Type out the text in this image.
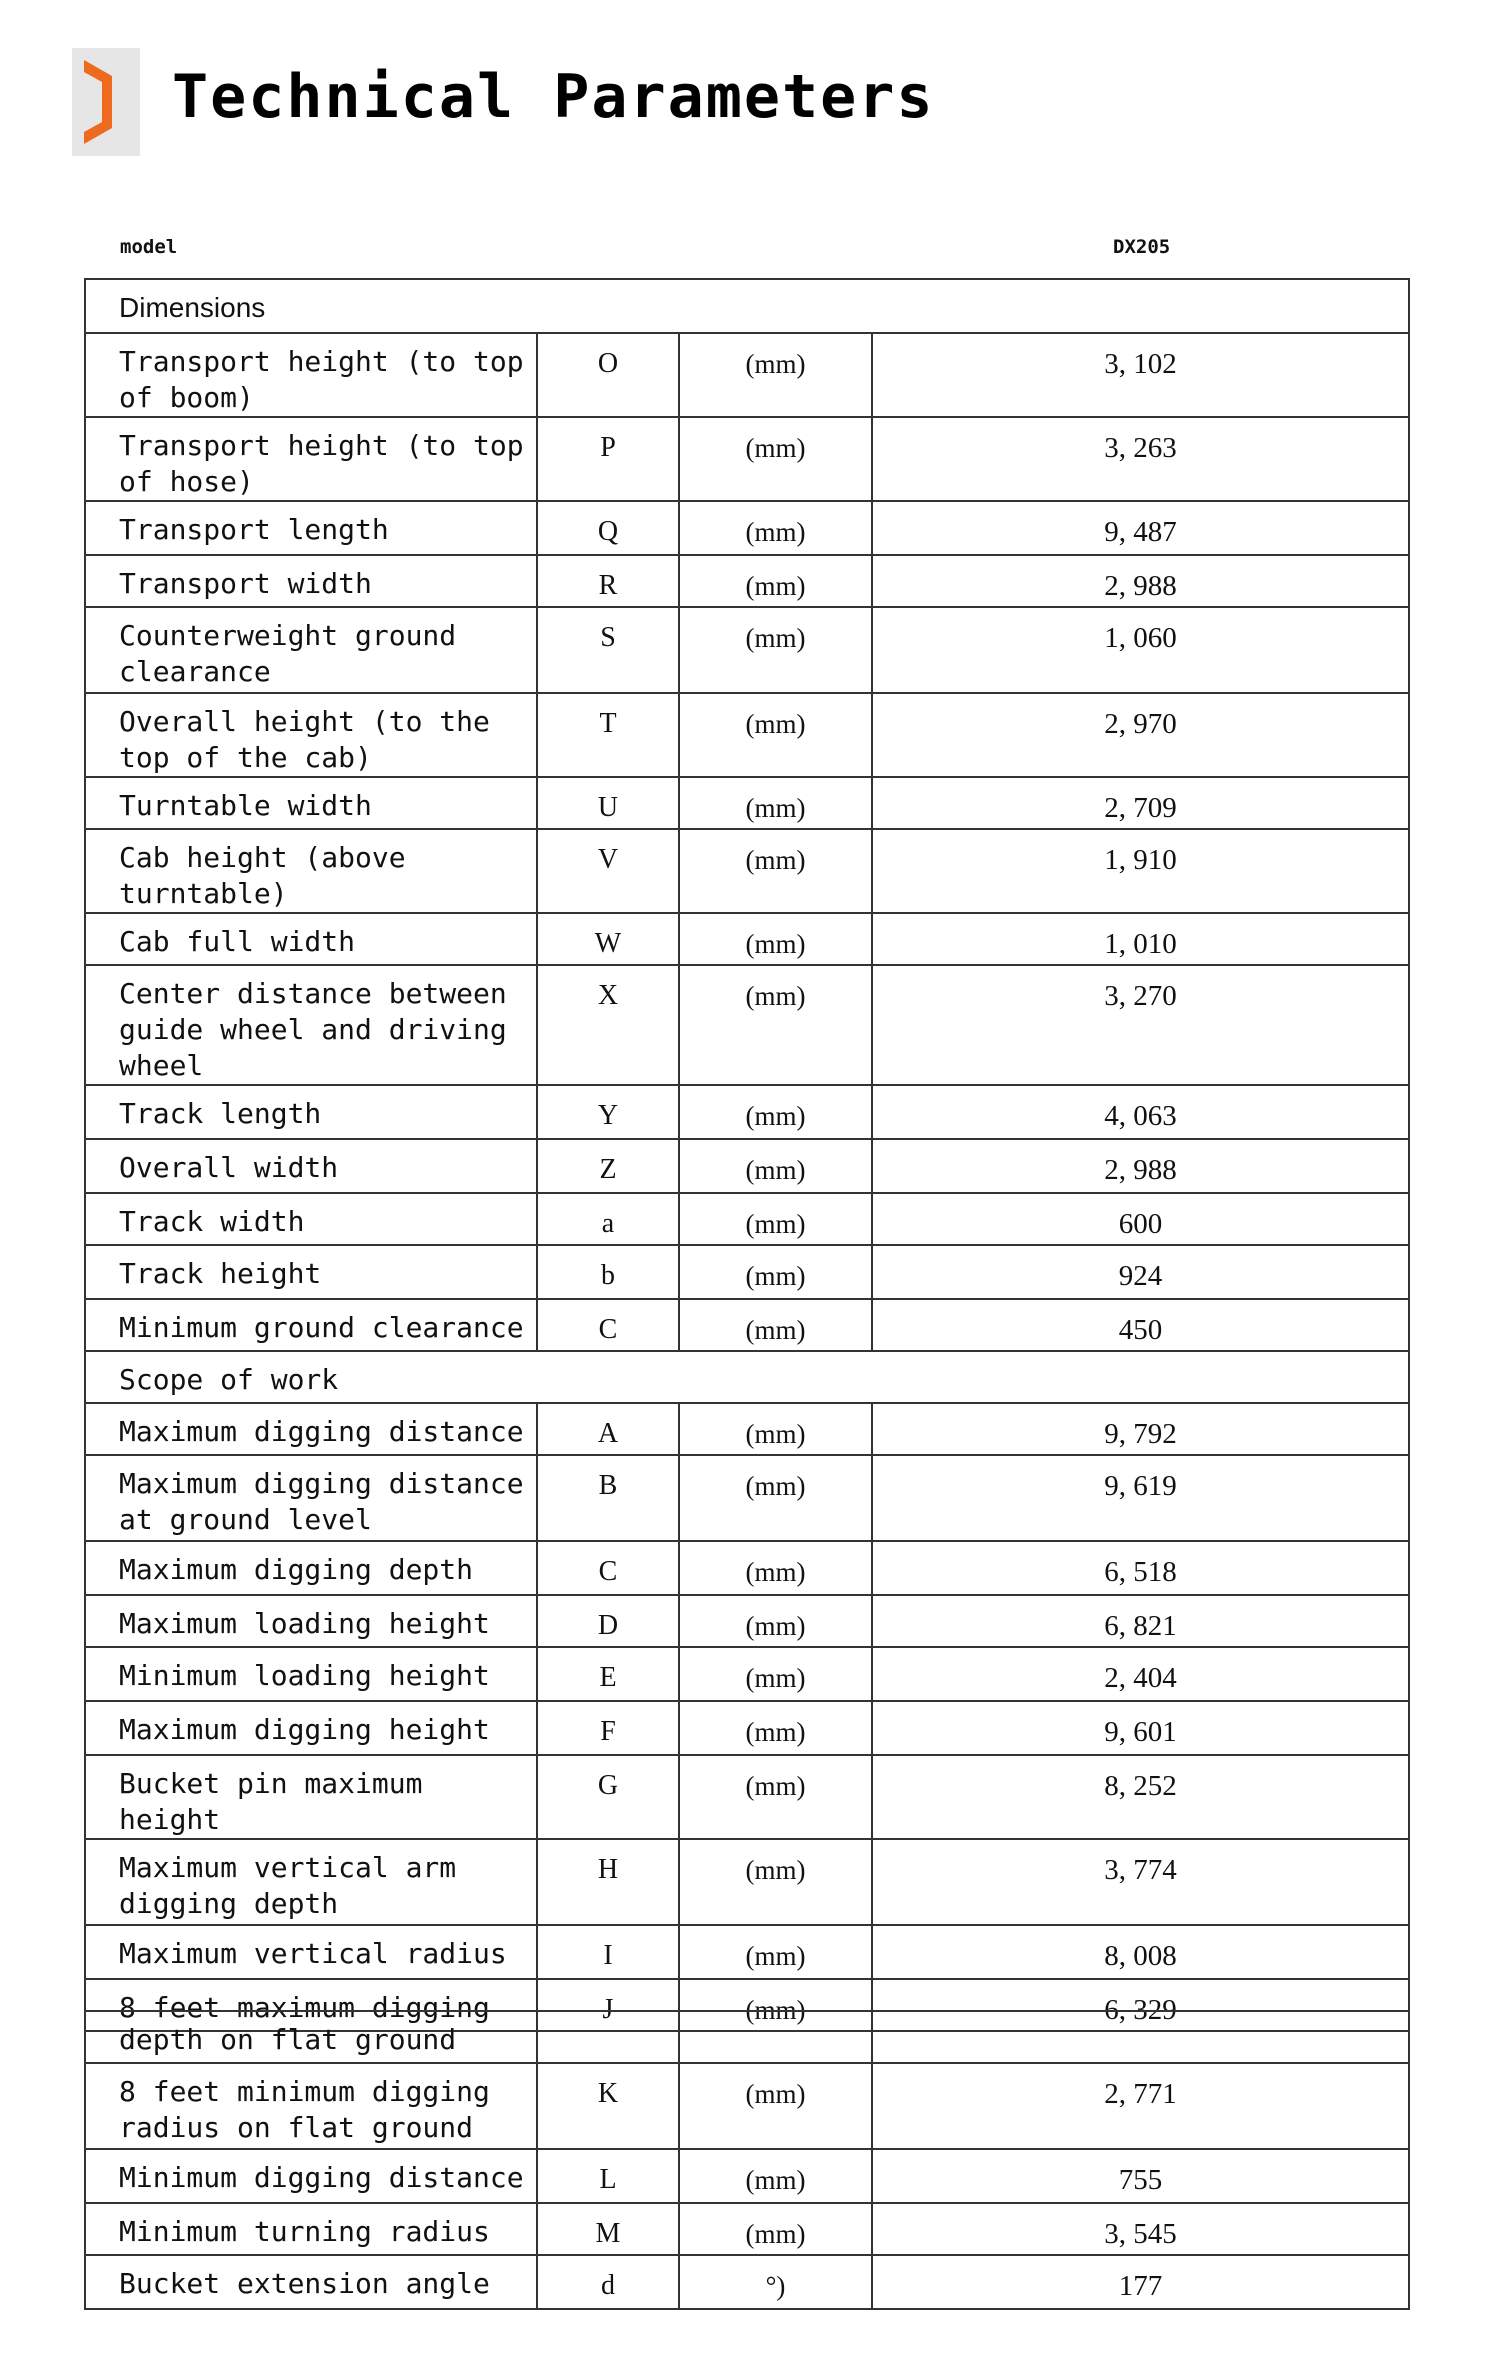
Technical Parameters
model	DX205
Dimensions			
Transport height (to top of boom)	O	(mm)	3, 102
Transport height (to top of hose)	P	(mm)	3, 263
Transport length	Q	(mm)	9, 487
Transport width	R	(mm)	2, 988
Counterweight ground clearance	S	(mm)	1, 060
Overall height (to the top of the cab)	T	(mm)	2, 970
Turntable width	U	(mm)	2, 709
Cab height (above turntable)	V	(mm)	1, 910
Cab full width	W	(mm)	1, 010
Center distance between guide wheel and driving wheel	X	(mm)	3, 270
Track length	Y	(mm)	4, 063
Overall width	Z	(mm)	2, 988
Track width	a	(mm)	600
Track height	b	(mm)	924
Minimum ground clearance	C	(mm)	450
Scope of work			
Maximum digging distance	A	(mm)	9, 792
Maximum digging distance at ground level	B	(mm)	9, 619
Maximum digging depth	C	(mm)	6, 518
Maximum loading height	D	(mm)	6, 821
Minimum loading height	E	(mm)	2, 404
Maximum digging height	F	(mm)	9, 601
Bucket pin maximum height	G	(mm)	8, 252
Maximum vertical arm digging depth	H	(mm)	3, 774
Maximum vertical radius	I	(mm)	8, 008
8 feet maximum digging	J	(mm)	6, 329
depth on flat ground			
8 feet minimum digging radius on flat ground	K	(mm)	2, 771
Minimum digging distance	L	(mm)	755
Minimum turning radius	M	(mm)	3, 545
Bucket extension angle	d	°)	177
